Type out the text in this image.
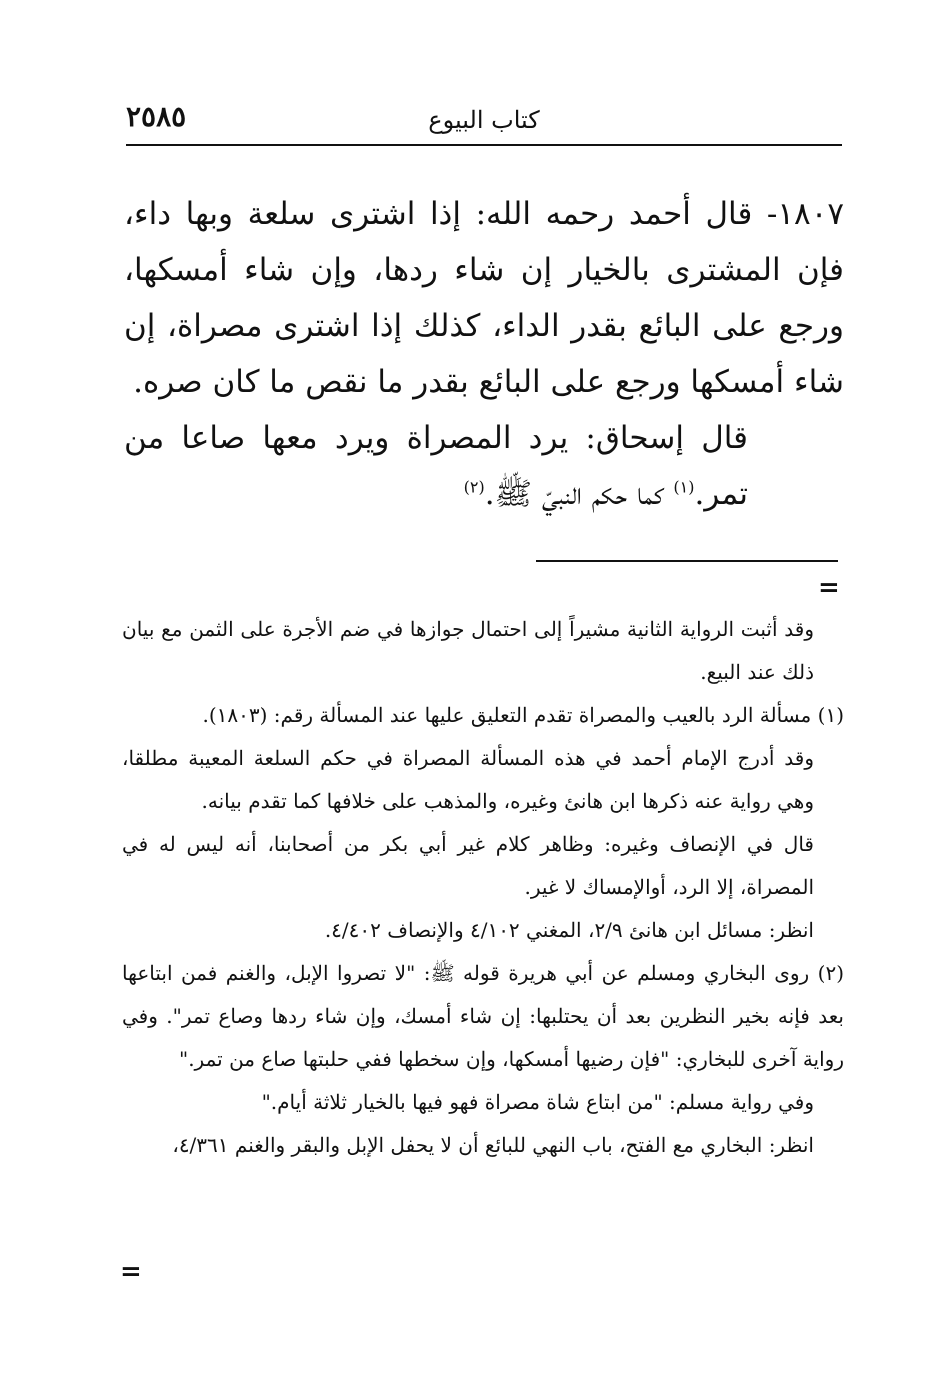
٢٥٨٥	كتاب البيوع

١٨٠٧- قال أحمد رحمه الله: إذا اشترى سلعة وبها داء، فإن المشترى بالخيار إن شاء ردها، وإن شاء أمسكها، ورجع على البائع بقدر الداء، كذلك إذا اشترى مصراة، إن شاء أمسكها ورجع على البائع بقدر ما نقص ما كان صره.

قال إسحاق: يرد المصراة ويرد معها صاعا من تمر.$^{(١)}$ كما حكم النبيّ ﷺ.$^{(٢)}$

=

وقد أثبت الرواية الثانية مشيراً إلى احتمال جوازها في ضم الأجرة على الثمن مع بيان ذلك عند البيع.

(١) مسألة الرد بالعيب والمصراة تقدم التعليق عليها عند المسألة رقم: (١٨٠٣).

وقد أدرج الإمام أحمد في هذه المسألة المصراة في حكم السلعة المعيبة مطلقا، وهي رواية عنه ذكرها ابن هانئ وغيره، والمذهب على خلافها كما تقدم بيانه.

قال في الإنصاف وغيره: وظاهر كلام غير أبي بكر من أصحابنا، أنه ليس له في المصراة، إلا الرد، أوالإمساك لا غير.

انظر: مسائل ابن هانئ ٢/٩، المغني ٤/١٠٢ والإنصاف ٤/٤٠٢.

(٢) روى البخاري ومسلم عن أبي هريرة قوله ﷺ: "لا تصروا الإبل، والغنم فمن ابتاعها بعد فإنه بخير النظرين بعد أن يحتلبها: إن شاء أمسك، وإن شاء ردها وصاع تمر". وفي رواية آخرى للبخاري: "فإن رضيها أمسكها، وإن سخطها ففي حلبتها صاع من تمر."

وفي رواية مسلم: "من ابتاع شاة مصراة فهو فيها بالخيار ثلاثة أيام."

انظر: البخاري مع الفتح، باب النهي للبائع أن لا يحفل الإبل والبقر والغنم ٤/٣٦١،

=
